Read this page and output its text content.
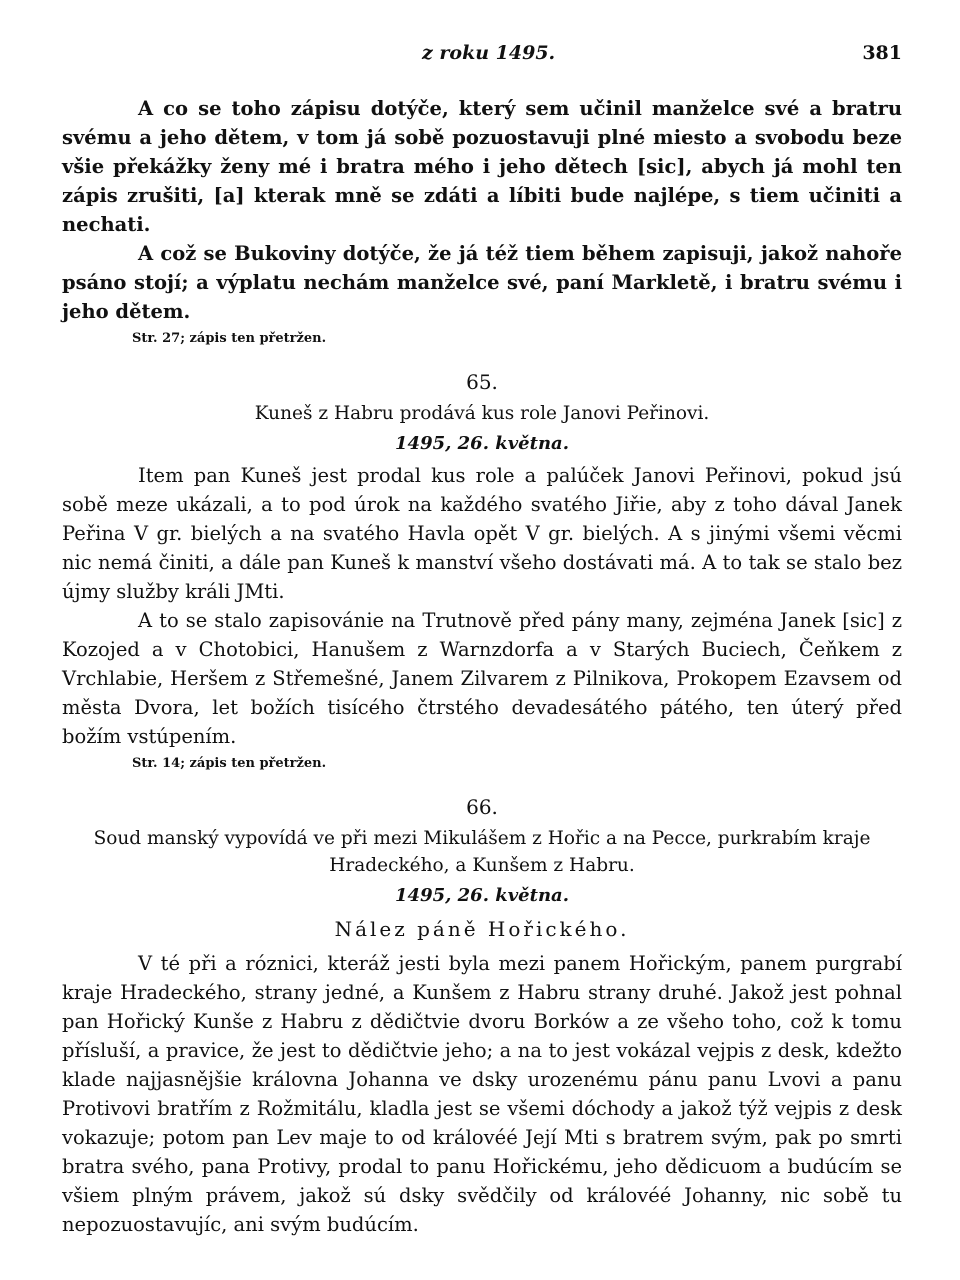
z roku 1495.	381

A co se toho zápisu dotýče, který sem učinil manželce své a bratru svému a jeho dětem, v tom já sobě pozuostavuji plné miesto a svobodu beze všie překážky ženy mé i bratra mého i jeho dětech [sic], abych já mohl ten zápis zrušiti, [a] kterak mně se zdáti a líbiti bude najlépe, s tiem učiniti a nechati.

A což se Bukoviny dotýče, že já též tiem během zapisuji, jakož nahoře psáno stojí; a výplatu nechám manželce své, paní Markletě, i bratru svému i jeho dětem.

Str. 27; zápis ten přetržen.
65.
Kuneš z Habru prodává kus role Janovi Peřinovi.
1495, 26. května.

Item pan Kuneš jest prodal kus role a palúček Janovi Peřinovi, pokud jsú sobě meze ukázali, a to pod úrok na každého svatého Jiřie, aby z toho dával Janek Peřina V gr. bielých a na svatého Havla opět V gr. bielých. A s jinými všemi věcmi nic nemá činiti, a dále pan Kuneš k manství všeho dostávati má. A to tak se stalo bez újmy služby králi JMti.

A to se stalo zapisovánie na Trutnově před pány many, zejména Janek [sic] z Kozojed a v Chotobici, Hanušem z Warnzdorfa a v Starých Buciech, Čeňkem z Vrchlabie, Heršem z Střemešné, Janem Zilvarem z Pilnikova, Prokopem Ezavsem od města Dvora, let božích tisícého čtrstého devadesátého pátého, ten úterý před božím vstúpením.

Str. 14; zápis ten přetržen.
66.
Soud manský vypovídá ve při mezi Mikulášem z Hořic a na Pecce, purkrabím kraje Hradeckého, a Kunšem z Habru.
1495, 26. května.
Nález páně Hořického.

V té při a róznici, kteráž jesti byla mezi panem Hořickým, panem purgrabí kraje Hradeckého, strany jedné, a Kunšem z Habru strany druhé. Jakož jest pohnal pan Hořický Kunše z Habru z dědičtvie dvoru Borków a ze všeho toho, což k tomu přísluší, a pravice, že jest to dědičtvie jeho; a na to jest vokázal vejpis z desk, kdežto klade najjasnějšie královna Johanna ve dsky urozenému pánu panu Lvovi a panu Protivovi bratřím z Rožmitálu, kladla jest se všemi dóchody a jakož týž vejpis z desk vokazuje; potom pan Lev maje to od královéé Její Mti s bratrem svým, pak po smrti bratra svého, pana Protivy, prodal to panu Hořickému, jeho dědicuom a budúcím se všiem plným právem, jakož sú dsky svědčily od královéé Johanny, nic sobě tu nepozuostavujíc, ani svým budúcím.
